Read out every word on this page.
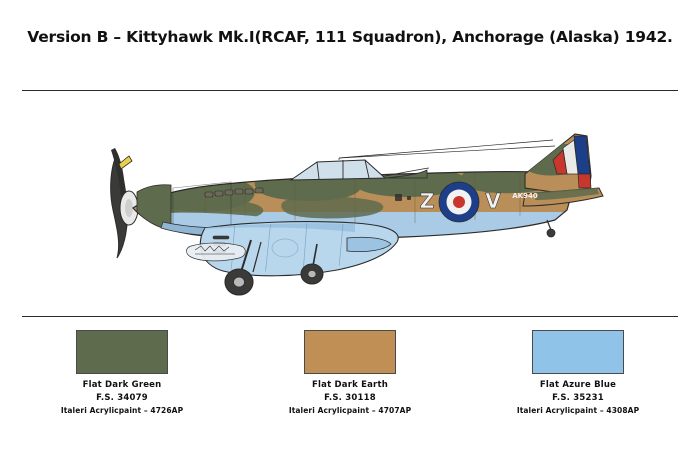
Version B – Kittyhawk Mk.I(RCAF, 111 Squadron), Anchorage (Alaska) 1942.
Z	V AK940
Flat Dark Green
F.S. 34079
Italeri Acrylicpaint – 4726AP
Flat Dark Earth
F.S. 30118
Italeri Acrylicpaint – 4707AP
Flat Azure Blue
F.S. 35231
Italeri Acrylicpaint – 4308AP
